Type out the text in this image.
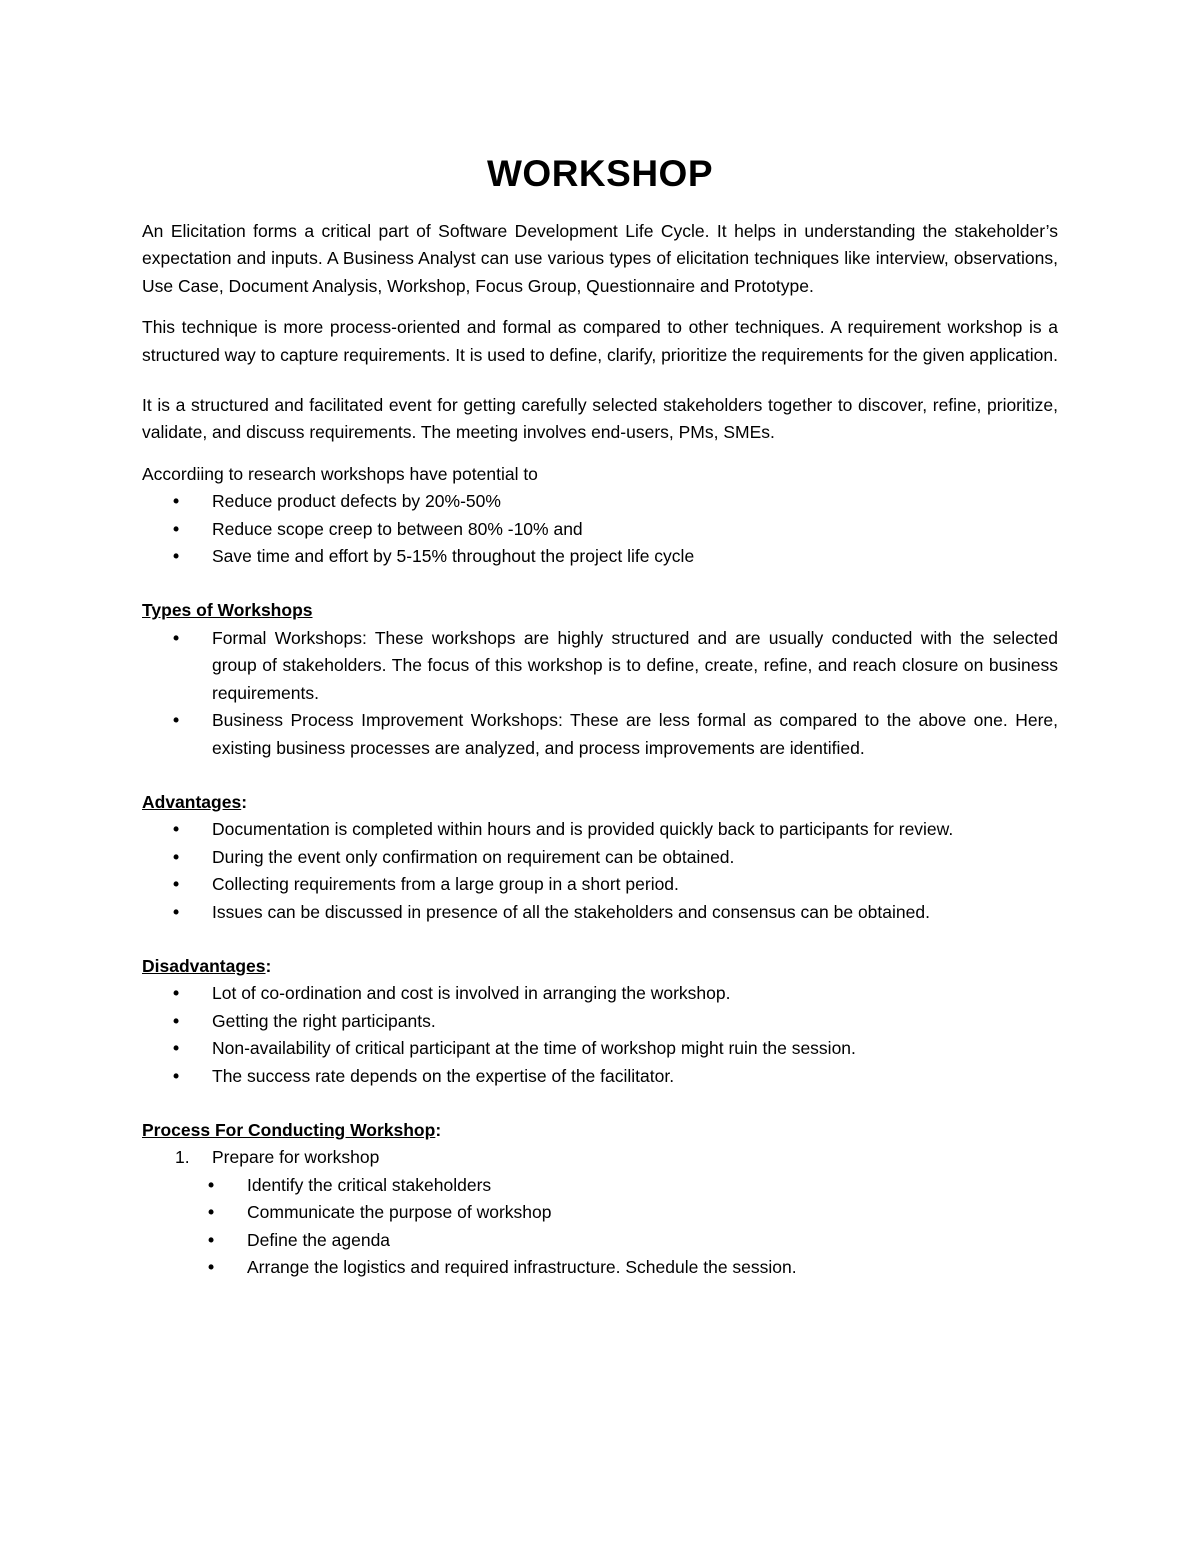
WORKSHOP

An Elicitation forms a critical part of Software Development Life Cycle. It helps in understanding the stakeholder’s expectation and inputs. A Business Analyst can use various types of elicitation techniques like interview, observations, Use Case, Document Analysis, Workshop, Focus Group, Questionnaire and Prototype.

This technique is more process-oriented and formal as compared to other techniques. A requirement workshop is a structured way to capture requirements. It is used to define, clarify, prioritize the requirements for the given application.

It is a structured and facilitated event for getting carefully selected stakeholders together to discover, refine, prioritize, validate, and discuss requirements. The meeting involves end-users, PMs, SMEs.

Accordiing to research workshops have potential to

• Reduce product defects by 20%-50%
• Reduce scope creep to between 80% -10% and
• Save time and effort by 5-15% throughout the project life cycle

Types of Workshops

• Formal Workshops: These workshops are highly structured and are usually conducted with the selected group of stakeholders. The focus of this workshop is to define, create, refine, and reach closure on business requirements.
• Business Process Improvement Workshops: These are less formal as compared to the above one. Here, existing business processes are analyzed, and process improvements are identified.

Advantages:

• Documentation is completed within hours and is provided quickly back to participants for review.
• During the event only confirmation on requirement can be obtained.
• Collecting requirements from a large group in a short period.
• Issues can be discussed in presence of all the stakeholders and consensus can be obtained.

Disadvantages:

• Lot of co-ordination and cost is involved in arranging the workshop.
• Getting the right participants.
• Non-availability of critical participant at the time of workshop might ruin the session.
• The success rate depends on the expertise of the facilitator.

Process For Conducting Workshop:

1. Prepare for workshop
• Identify the critical stakeholders
• Communicate the purpose of workshop
• Define the agenda
• Arrange the logistics and required infrastructure. Schedule the session.
